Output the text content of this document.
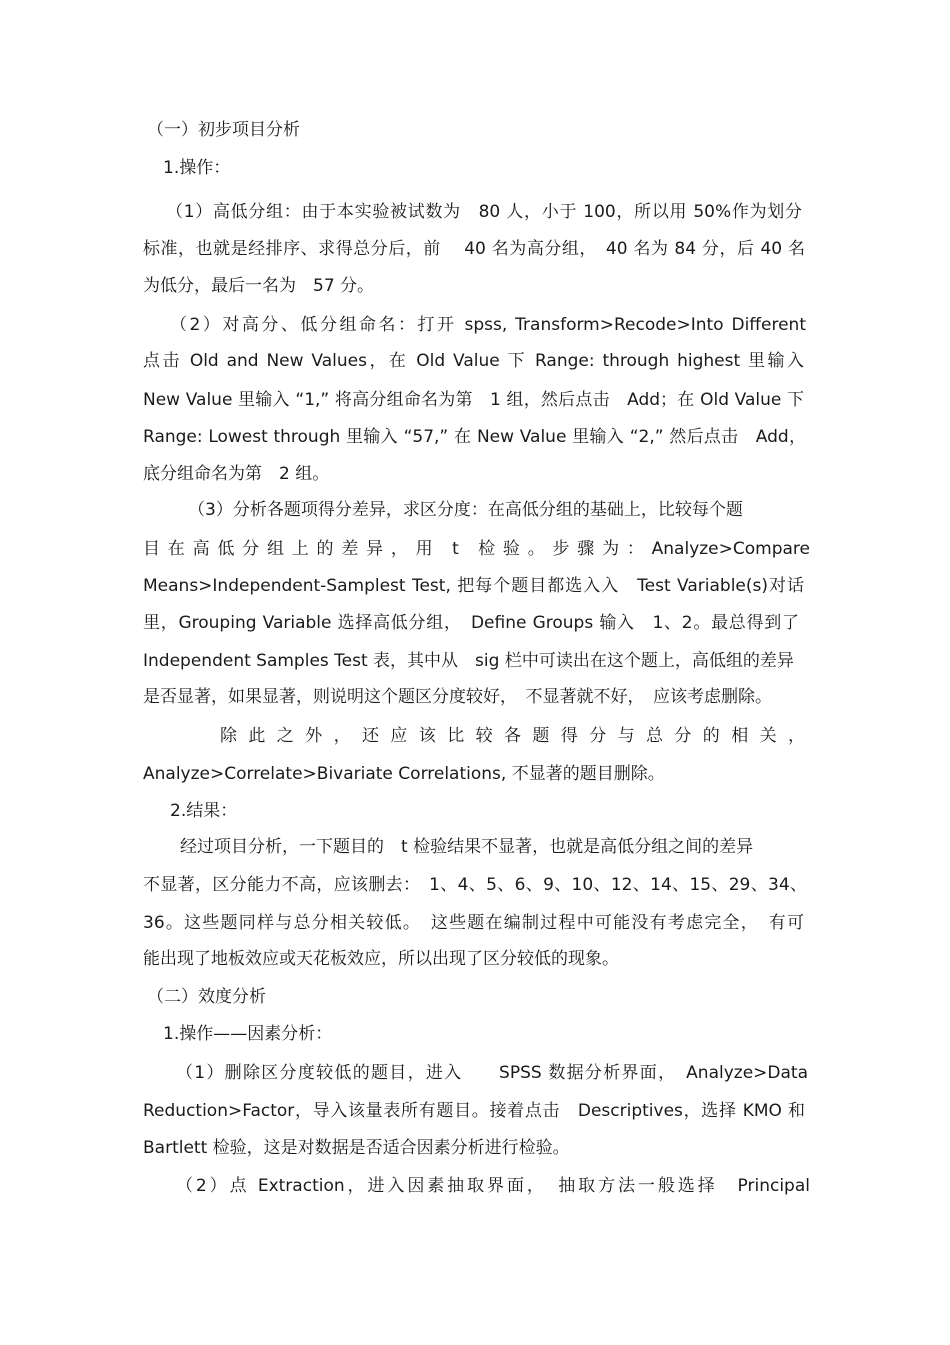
（一）初步项目分析
1.操作：
（1）高低分组：由于本实验被试数为　80 人，小于 100，所以用 50%作为划分
标准，也就是经排序、求得总分后，前　 40 名为高分组，　40 名为 84 分，后 40 名
为低分，最后一名为　57 分。
（2）对高分、低分组命名：打开 spss, Transform>Recode>Into Different
点击 Old and New Values，在 Old Value 下 Range: through highest 里输入
New Value 里输入 “1,” 将高分组命名为第　1 组，然后点击　Add；在 Old Value 下
Range: Lowest through 里输入 “57,” 在 New Value 里输入 “2,” 然后点击　Add，
底分组命名为第　2 组。
（3）分析各题项得分差异，求区分度：在高低分组的基础上，比较每个题
目 在 高 低 分 组 上 的 差 异 ， 用　t　检 验 。 步 骤 为 ： Analyze>Compare
Means>Independent-Samplest Test, 把每个题目都选入入　Test Variable(s)对话
里，Grouping Variable 选择高低分组，　Define Groups 输入　1、2。最总得到了
Independent Samples Test 表，其中从　sig 栏中可读出在这个题上，高低组的差异
是否显著，如果显著，则说明这个题区分度较好，　不显著就不好，　应该考虑删除。
除 此 之 外 ， 还 应 该 比 较 各 题 得 分 与 总 分 的 相 关 ，
Analyze>Correlate>Bivariate Correlations, 不显著的题目删除。
2.结果：
经过项目分析，一下题目的　t 检验结果不显著，也就是高低分组之间的差异
不显著，区分能力不高，应该删去：　1、4、5、6、9、10、12、14、15、29、34、
36。这些题同样与总分相关较低。　这些题在编制过程中可能没有考虑完全，　有可
能出现了地板效应或天花板效应，所以出现了区分较低的现象。
（二）效度分析
1.操作——因素分析：
（1）删除区分度较低的题目，进入　　SPSS 数据分析界面，　Analyze>Data
Reduction>Factor，导入该量表所有题目。接着点击　Descriptives，选择 KMO 和
Bartlett 检验，这是对数据是否适合因素分析进行检验。
（2）点 Extraction，进入因素抽取界面，　抽取方法一般选择　Principal
